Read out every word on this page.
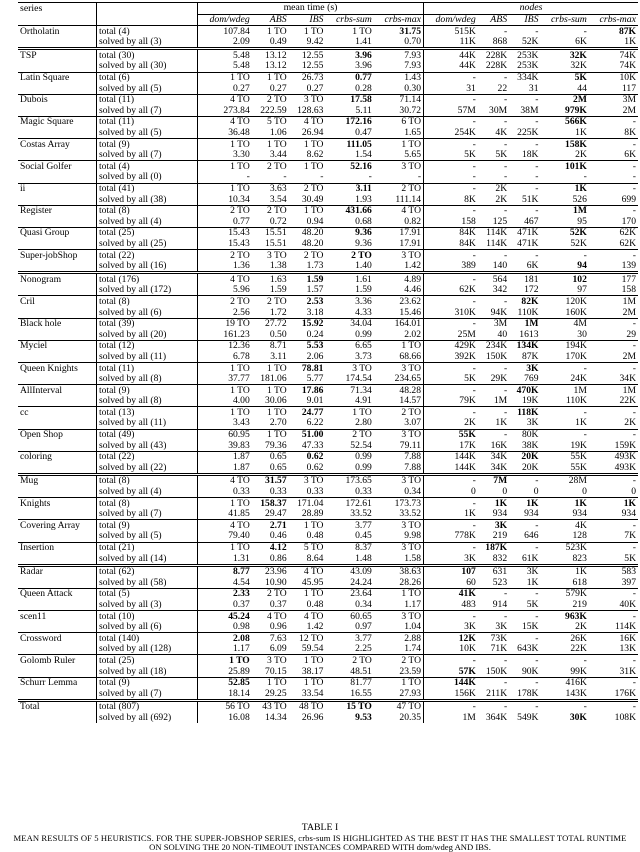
series		mean time (s)					nodes				
		dom/wdeg	ABS	IBS	crbs-sum	crbs-max	dom/wdeg	ABS	IBS	crbs-sum	crbs-max
Ortholatin	total (4)	107.84	1 TO	1 TO	1 TO	31.75	515K	-	-	-	87K
	solved by all (3)	2.09	0.49	9.42	1.41	0.70	11K	868	52K	6K	1K
TSP	total (30)	5.48	13.12	12.55	3.96	7.93	44K	228K	253K	32K	74K
	solved by all (30)	5.48	13.12	12.55	3.96	7.93	44K	228K	253K	32K	74K
Latin Square	total (6)	1 TO	1 TO	26.73	0.77	1.43	-	-	334K	5K	10K
	solved by all (5)	0.27	0.27	0.27	0.28	0.30	31	22	31	44	117
Dubois	total (11)	4 TO	2 TO	3 TO	17.58	71.14	-	-	-	2M	3M
	solved by all (7)	273.84	222.59	128.63	5.11	30.72	57M	30M	38M	979K	2M
Magic Square	total (11)	4 TO	5 TO	4 TO	172.16	6 TO	-	-	-	566K	-
	solved by all (5)	36.48	1.06	26.94	0.47	1.65	254K	4K	225K	1K	8K
Costas Array	total (9)	1 TO	1 TO	1 TO	111.05	1 TO	-	-	-	158K	-
	solved by all (7)	3.30	3.44	8.62	1.54	5.65	5K	5K	18K	2K	6K
Social Golfer	total (4)	1 TO	2 TO	1 TO	52.16	3 TO	-	-	-	101K	-
	solved by all (0)	-	-	-	-	-	-	-	-	-	-
ii	total (41)	1 TO	3.63	2 TO	3.11	2 TO	-	2K	-	1K	-
	solved by all (38)	10.34	3.54	30.49	1.93	111.14	8K	2K	51K	526	699
Register	total (8)	2 TO	2 TO	1 TO	431.66	4 TO	-	-	-	1M	-
	solved by all (4)	0.77	0.72	0.94	0.68	0.82	158	125	467	95	170
Quasi Group	total (25)	15.43	15.51	48.20	9.36	17.91	84K	114K	471K	52K	62K
	solved by all (25)	15.43	15.51	48.20	9.36	17.91	84K	114K	471K	52K	62K
Super-jobShop	total (22)	2 TO	3 TO	2 TO	2 TO	3 TO	-	-	-	-	-
	solved by all (16)	1.36	1.38	1.73	1.40	1.42	389	140	6K	94	139
Nonogram	total (176)	4 TO	1.63	1.59	1.61	4.89	-	564	181	102	177
	solved by all (172)	5.96	1.59	1.57	1.59	4.46	62K	342	172	97	158
Cril	total (8)	2 TO	2 TO	2.53	3.36	23.62	-	-	82K	120K	1M
	solved by all (6)	2.56	1.72	3.18	4.33	15.46	310K	94K	110K	160K	2M
Black hole	total (39)	19 TO	27.72	15.92	34.04	164.01	-	3M	1M	4M	-
	solved by all (20)	161.23	0.50	0.24	0.99	2.02	25M	40	1613	30	29
Myciel	total (12)	12.36	8.71	5.53	6.65	1 TO	429K	234K	134K	194K	-
	solved by all (11)	6.78	3.11	2.06	3.73	68.66	392K	150K	87K	170K	2M
Queen Knights	total (11)	1 TO	1 TO	78.81	3 TO	3 TO	-	-	3K	-	-
	solved by all (8)	37.77	181.06	5.77	174.54	234.65	5K	29K	769	24K	34K
AllInterval	total (9)	1 TO	1 TO	17.86	71.34	48.28	-	-	470K	1M	1M
	solved by all (8)	4.00	30.06	9.01	4.91	14.57	79K	1M	19K	110K	22K
cc	total (13)	1 TO	1 TO	24.77	1 TO	2 TO	-	-	118K	-	-
	solved by all (11)	3.43	2.70	6.22	2.80	3.07	2K	1K	3K	1K	2K
Open Shop	total (49)	60.95	1 TO	51.00	2 TO	3 TO	55K	-	80K	-	-
	solved by all (43)	39.83	79.36	47.33	52.54	79.11	17K	16K	38K	19K	159K
coloring	total (22)	1.87	0.65	0.62	0.99	7.88	144K	34K	20K	55K	493K
	solved by all (22)	1.87	0.65	0.62	0.99	7.88	144K	34K	20K	55K	493K
Mug	total (8)	4 TO	31.57	3 TO	173.65	3 TO	-	7M	-	28M	-
	solved by all (4)	0.33	0.33	0.33	0.33	0.34	0	0	0	0	0
Knights	total (8)	1 TO	158.37	171.04	172.61	173.73	-	1K	1K	1K	1K
	solved by all (7)	41.85	29.47	28.89	33.52	33.52	1K	934	934	934	934
Covering Array	total (9)	4 TO	2.71	1 TO	3.77	3 TO	-	3K	-	4K	-
	solved by all (5)	79.40	0.46	0.48	0.45	9.98	778K	219	646	128	7K
Insertion	total (21)	1 TO	4.12	5 TO	8.37	3 TO	-	187K	-	523K	-
	solved by all (14)	1.31	0.86	8.64	1.48	1.58	3K	832	61K	823	5K
Radar	total (62)	8.77	23.96	4 TO	43.09	38.63	107	631	3K	1K	583
	solved by all (58)	4.54	10.90	45.95	24.24	28.26	60	523	1K	618	397
Queen Attack	total (5)	2.33	2 TO	1 TO	23.64	1 TO	41K	-	-	579K	-
	solved by all (3)	0.37	0.37	0.48	0.34	1.17	483	914	5K	219	40K
scen11	total (10)	45.24	4 TO	4 TO	60.65	3 TO	-	-	-	963K	-
	solved by all (6)	0.98	0.96	1.42	0.97	1.04	3K	3K	15K	2K	114K
Crossword	total (140)	2.08	7.63	12 TO	3.77	2.88	12K	73K	-	26K	16K
	solved by all (128)	1.17	6.09	59.54	2.25	1.74	10K	71K	643K	22K	13K
Golomb Ruler	total (25)	1 TO	3 TO	1 TO	2 TO	2 TO	-	-	-	-	-
	solved by all (18)	25.89	70.15	38.17	48.51	23.59	57K	150K	90K	99K	31K
Schurr Lemma	total (9)	52.85	1 TO	1 TO	81.77	1 TO	144K	-	-	416K	-
	solved by all (7)	18.14	29.25	33.54	16.55	27.93	156K	211K	178K	143K	176K
Total	total (807)	56 TO	43 TO	48 TO	15 TO	47 TO	-	-	-	-	-
	solved by all (692)	16.08	14.34	26.96	9.53	20.35	1M	364K	549K	30K	108K
TABLE I
MEAN RESULTS OF 5 HEURISTICS. FOR THE SUPER-JOBSHOP SERIES, crbs-sum IS HIGHLIGHTED AS THE BEST IT HAS THE SMALLEST TOTAL RUNTIME
ON SOLVING THE 20 NON-TIMEOUT INSTANCES COMPARED WITH dom/wdeg AND IBS.
